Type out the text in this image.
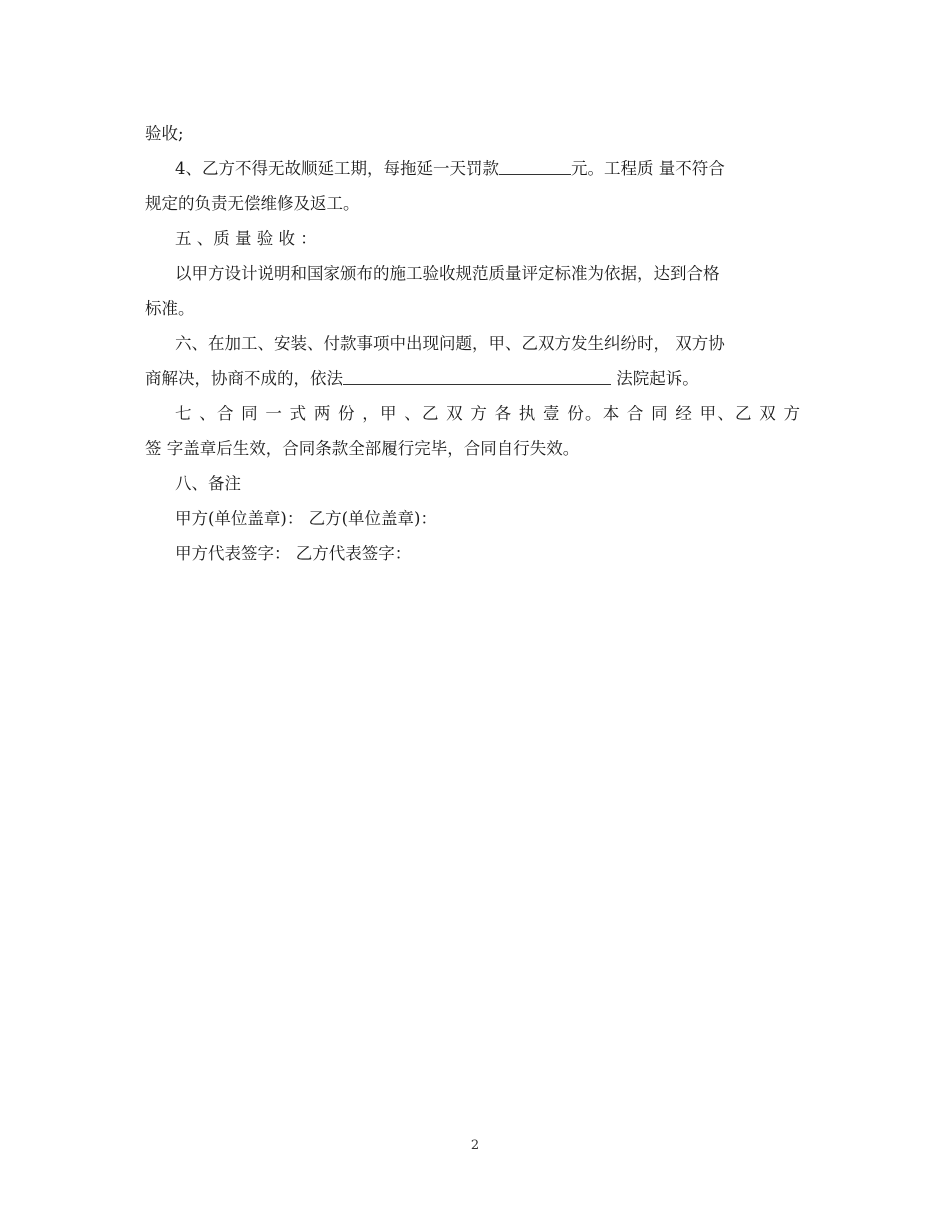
验收;
4、乙方不得无故顺延工期，每拖延一天罚款	元。工程质 量不符合
规定的负责无偿维修及返工。
五 、质 量 验 收 ：
以甲方设计说明和国家颁布的施工验收规范质量评定标准为依据，达到合格
标准。
六、在加工、安装、付款事项中出现问题，甲、乙双方发生纠纷时， 双方协
商解决，协商不成的，依法	法院起诉。
七 、合 同 一 式 两 份 ，甲 、乙 双 方 各 执 壹 份。本 合 同 经 甲、乙 双 方
签 字盖章后生效，合同条款全部履行完毕，合同自行失效。
八、备注
甲方(单位盖章)： 乙方(单位盖章)：
甲方代表签字： 乙方代表签字：
2
